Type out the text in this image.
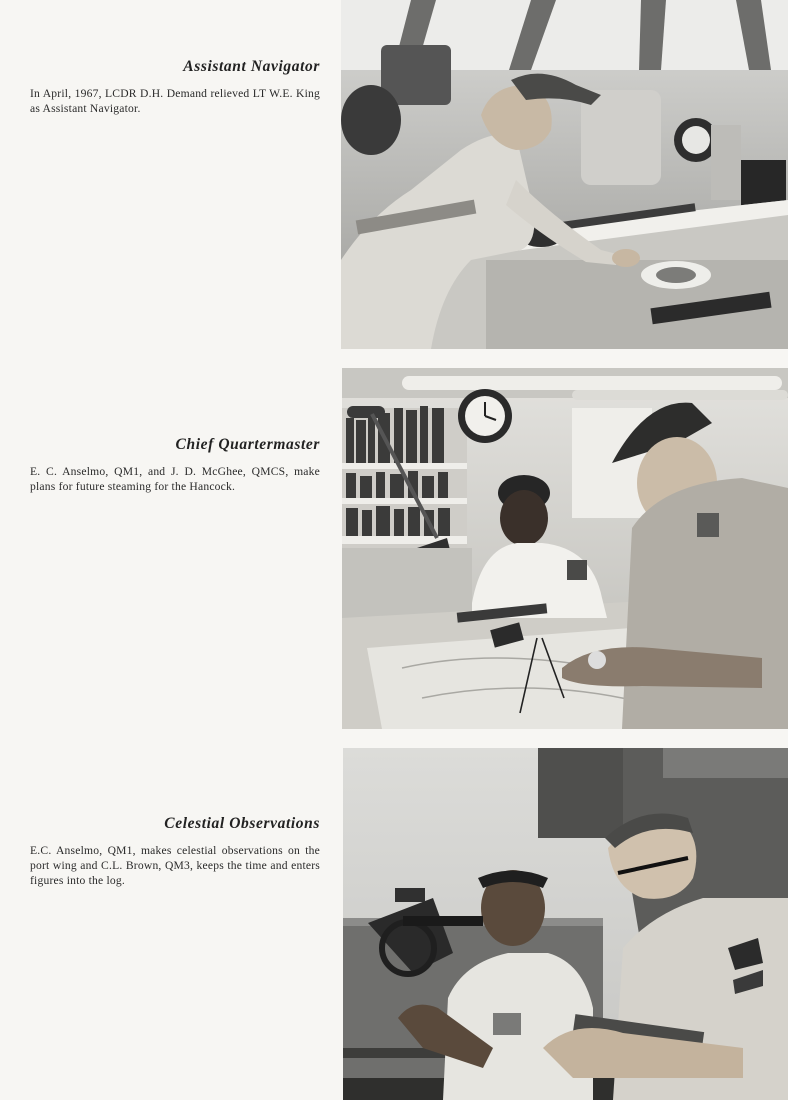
Assistant Navigator

In April, 1967, LCDR D.H. Demand relieved LT W.E. King as Assistant Navigator.

Chief Quartermaster

E. C. Anselmo, QM1, and J. D. McGhee, QMCS, make plans for future steaming for the Hancock.

Celestial Observations

E.C. Anselmo, QM1, makes celestial observations on the port wing and C.L. Brown, QM3, keeps the time and enters figures into the log.
